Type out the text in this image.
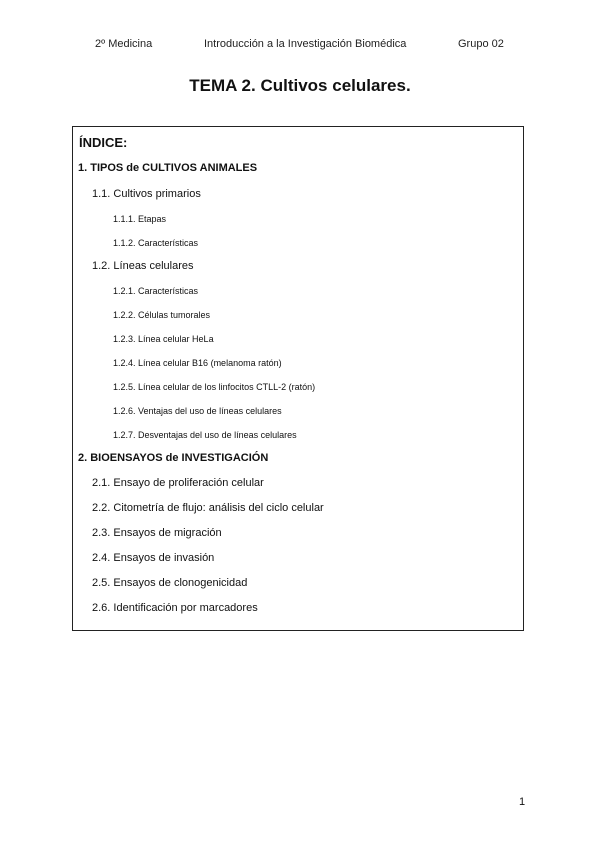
2º Medicina	Introducción a la Investigación Biomédica	Grupo 02
TEMA 2. Cultivos celulares.
ÍNDICE:
1. TIPOS de CULTIVOS ANIMALES
1.1. Cultivos primarios
1.1.1. Etapas
1.1.2. Características
1.2. Líneas celulares
1.2.1. Características
1.2.2. Células tumorales
1.2.3. Línea celular HeLa
1.2.4. Línea celular B16 (melanoma ratón)
1.2.5. Línea celular de los linfocitos CTLL-2 (ratón)
1.2.6. Ventajas del uso de líneas celulares
1.2.7. Desventajas del uso de líneas celulares
2. BIOENSAYOS de INVESTIGACIÓN
2.1. Ensayo de proliferación celular
2.2. Citometría de flujo: análisis del ciclo celular
2.3. Ensayos de migración
2.4. Ensayos de invasión
2.5. Ensayos de clonogenicidad
2.6. Identificación por marcadores
1
